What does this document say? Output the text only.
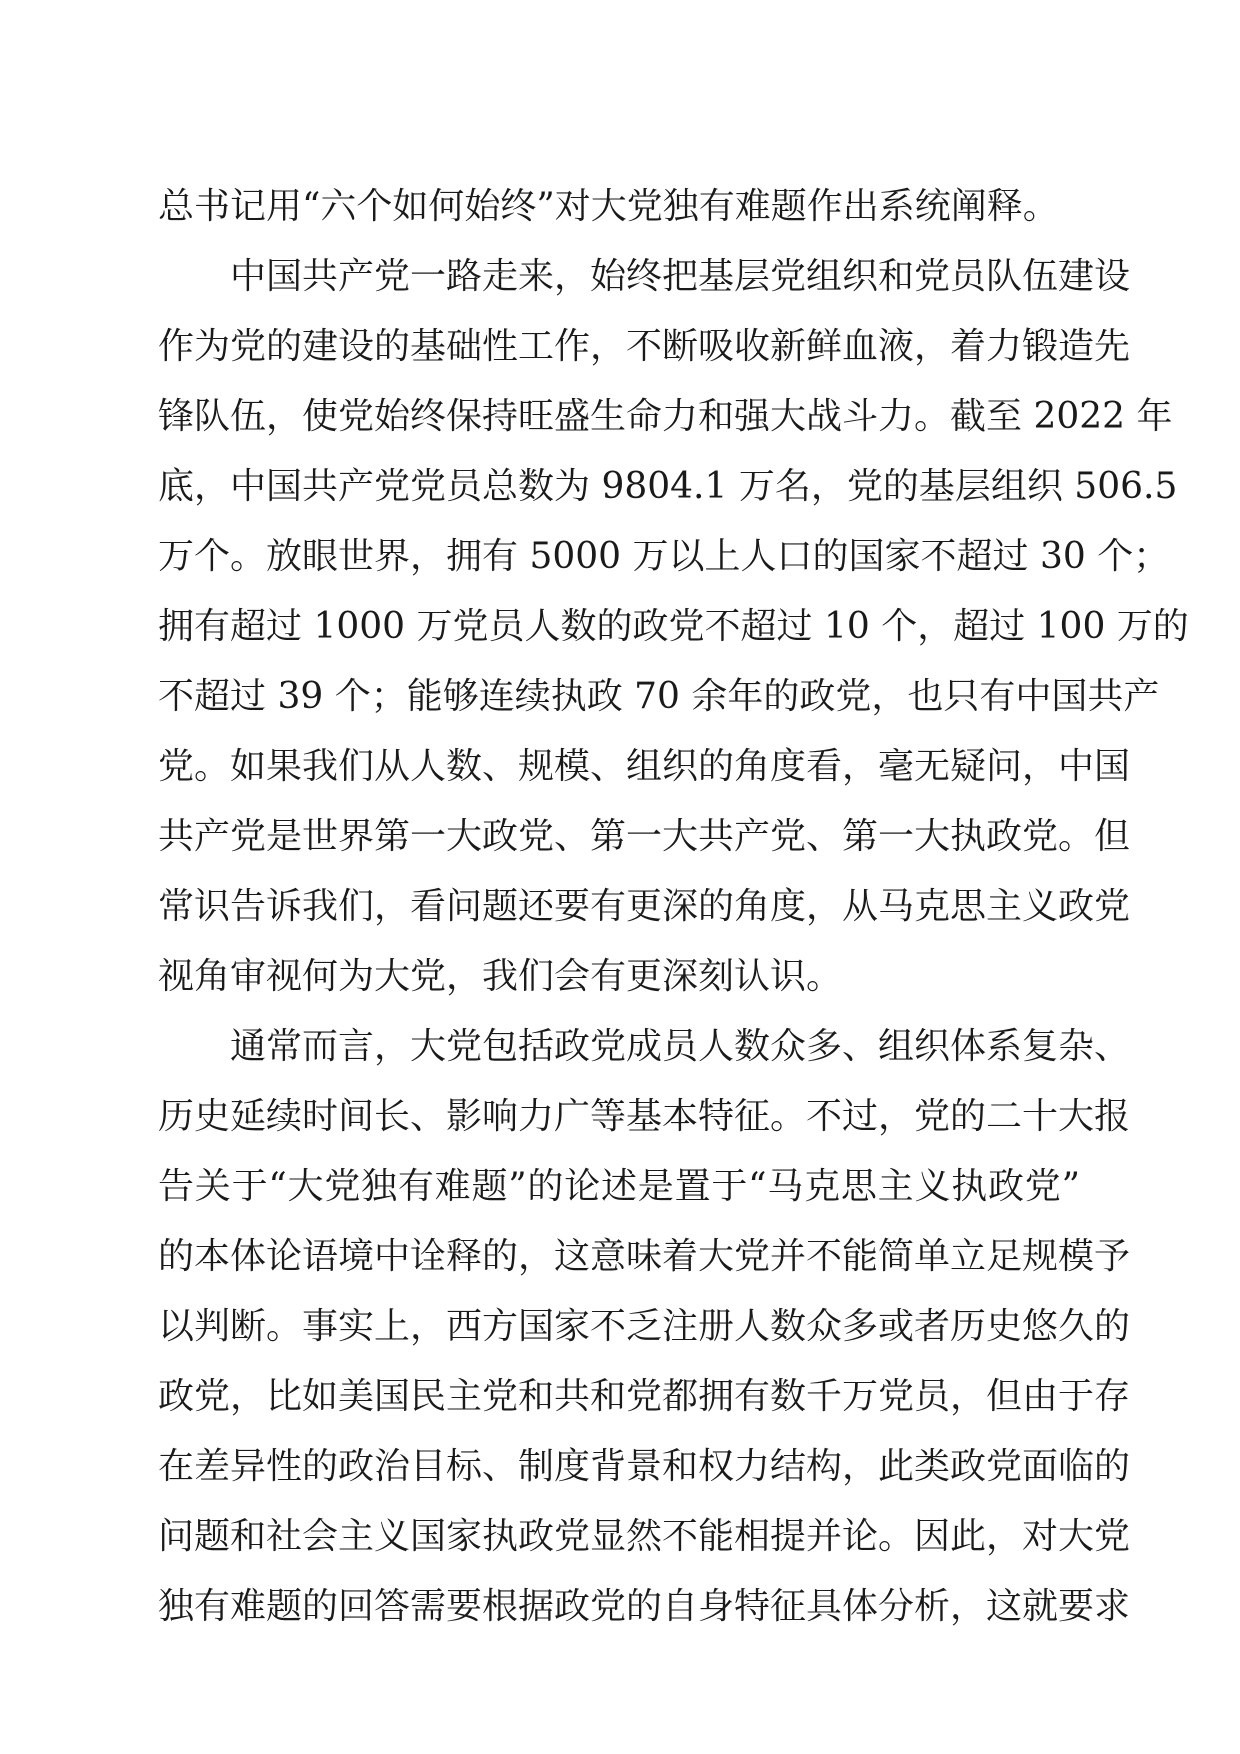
总书记用“六个如何始终”对大党独有难题作出系统阐释。
中国共产党一路走来，始终把基层党组织和党员队伍建设
作为党的建设的基础性工作，不断吸收新鲜血液，着力锻造先
锋队伍，使党始终保持旺盛生命力和强大战斗力。截至 2022 年
底，中国共产党党员总数为 9804.1 万名，党的基层组织 506.5
万个。放眼世界，拥有 5000 万以上人口的国家不超过 30 个；
拥有超过 1000 万党员人数的政党不超过 10 个，超过 100 万的
不超过 39 个；能够连续执政 70 余年的政党，也只有中国共产
党。如果我们从人数、规模、组织的角度看，毫无疑问，中国
共产党是世界第一大政党、第一大共产党、第一大执政党。但
常识告诉我们，看问题还要有更深的角度，从马克思主义政党
视角审视何为大党，我们会有更深刻认识。
通常而言，大党包括政党成员人数众多、组织体系复杂、
历史延续时间长、影响力广等基本特征。不过，党的二十大报
告关于“大党独有难题”的论述是置于“马克思主义执政党”
的本体论语境中诠释的，这意味着大党并不能简单立足规模予
以判断。事实上，西方国家不乏注册人数众多或者历史悠久的
政党，比如美国民主党和共和党都拥有数千万党员，但由于存
在差异性的政治目标、制度背景和权力结构，此类政党面临的
问题和社会主义国家执政党显然不能相提并论。因此，对大党
独有难题的回答需要根据政党的自身特征具体分析，这就要求
